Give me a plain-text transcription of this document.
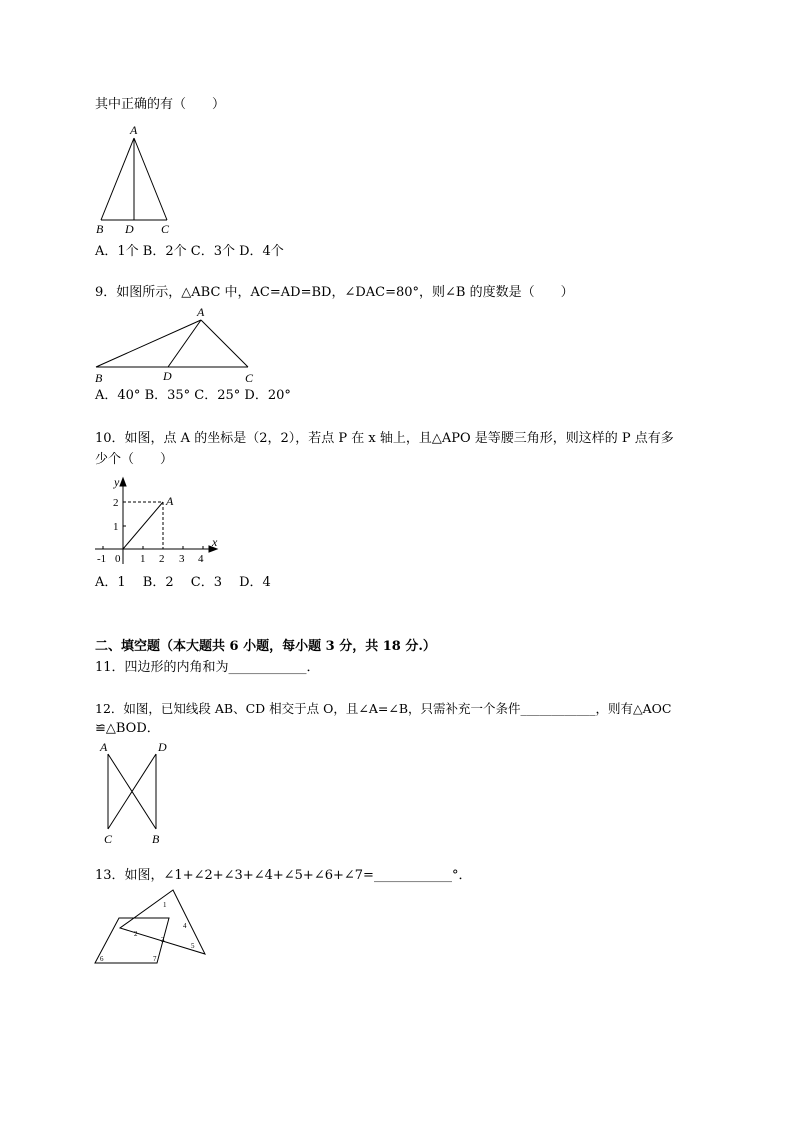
其中正确的有（　　）
A
B D C
A．1个 B．2个 C．3个 D．4个
9．如图所示，△ABC 中，AC=AD=BD，∠DAC=80°，则∠B 的度数是（　　）
A
B	D	C
A．40° B．35° C．25° D．20°
10．如图，点 A 的坐标是（2，2），若点 P 在 x 轴上，且△APO 是等腰三角形，则这样的 P 点有多
少个（　　）
y
x
A
2
1
-1 0 1 2 3 4
A．1　 B．2　 C．3　 D．4
二、填空题（本大题共 6 小题，每小题 3 分，共 18 分.）
11．四边形的内角和为____________．
12．如图，已知线段 AB、CD 相交于点 O，且∠A=∠B，只需补充一个条件____________，则有△AOC
≌△BOD．
A	D
C	B
13．如图，∠1+∠2+∠3+∠4+∠5+∠6+∠7=____________°．
1
2
3
4
5
6	7
